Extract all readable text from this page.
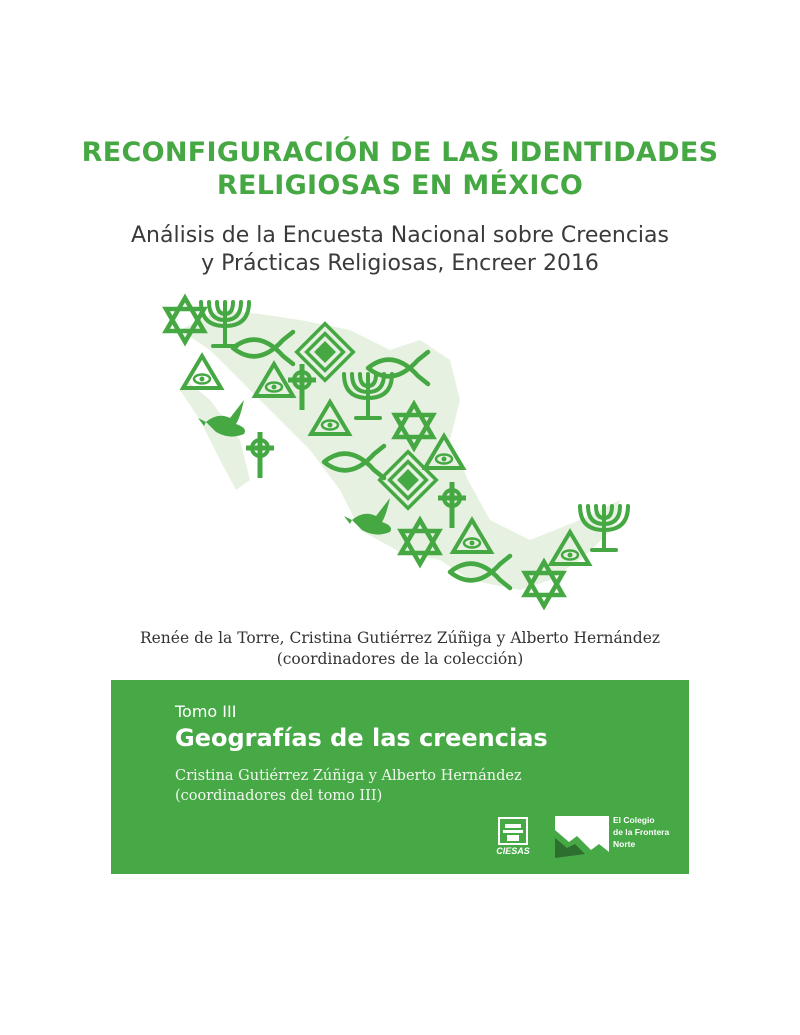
RECONFIGURACIÓN DE LAS IDENTIDADES
RELIGIOSAS EN MÉXICO
Análisis de la Encuesta Nacional sobre Creencias
y Prácticas Religiosas, Encreer 2016
Renée de la Torre, Cristina Gutiérrez Zúñiga y Alberto Hernández
(coordinadores de la colección)
Tomo III
Geografías de las creencias
Cristina Gutiérrez Zúñiga y Alberto Hernández
(coordinadores del tomo III)
CIESAS
El Colegio
de la Frontera
Norte
